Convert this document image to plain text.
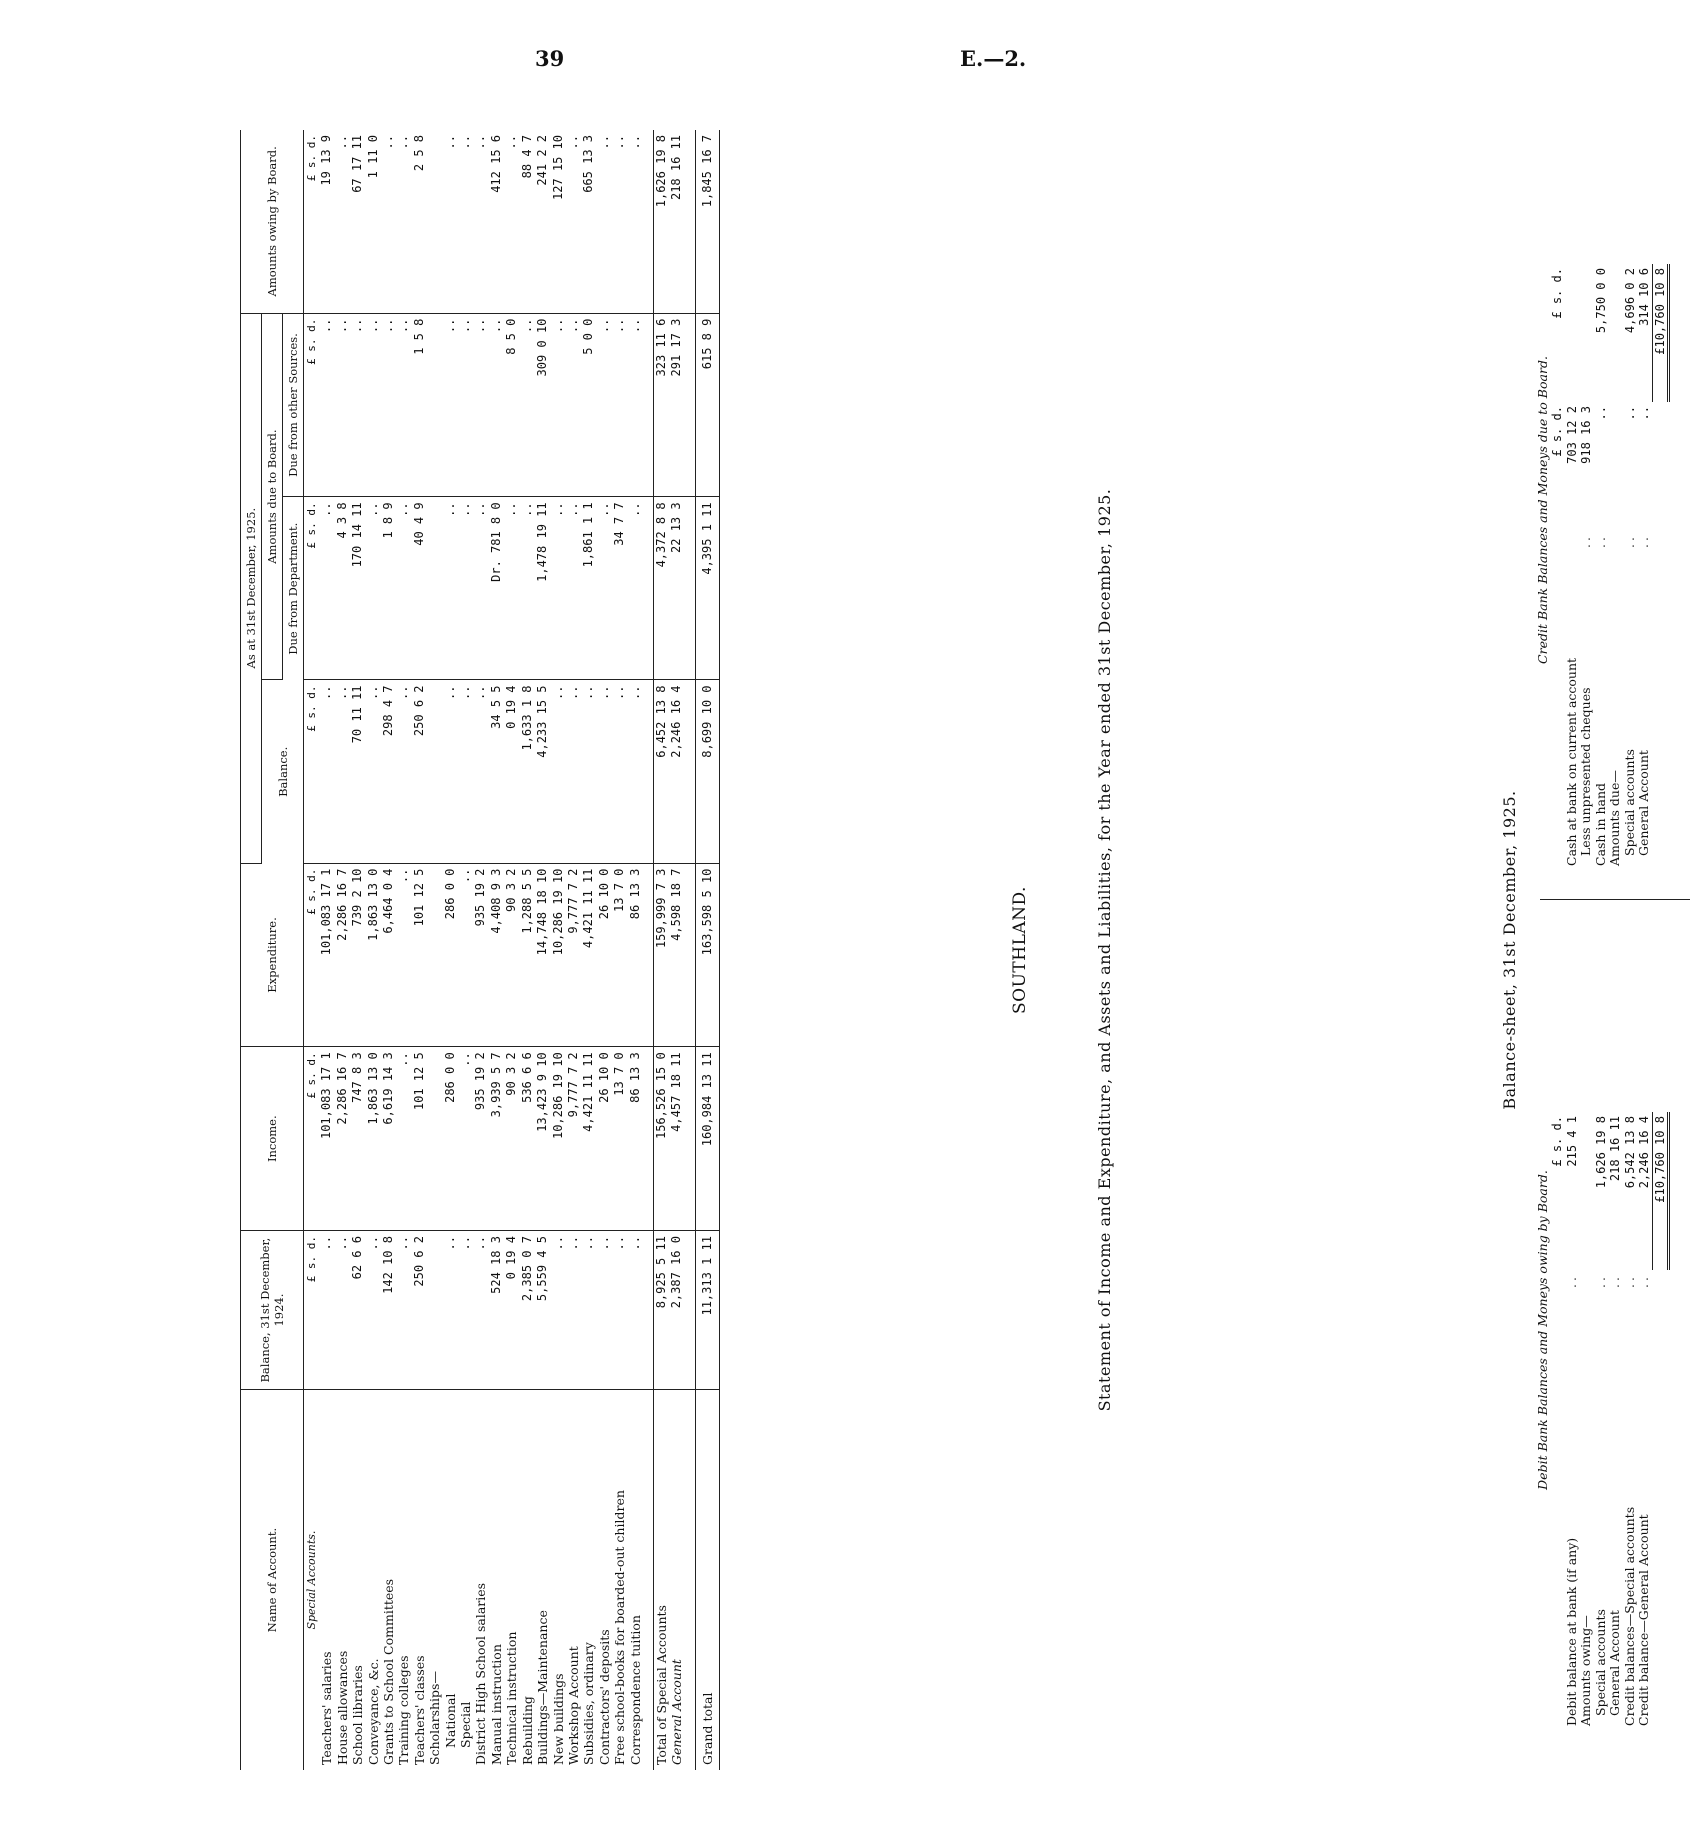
39	E.—2.
SOUTHLAND.	Statement of Income and Expenditure, and Assets and Liabilities, for the Year ended 31st December, 1925.
Name of Account.	Balance, 31st December, 1924.	Income.	Expenditure.	As at 31st December, 1925.			Amounts owing by Board.
				Balance.	Amounts due to Board.		
					Due from Department.	Due from other Sources.	
Special Accounts.	£ s. d.	£ s. d.	£ s. d.	£ s. d.	£ s. d.	£ s. d.	£ s. d.
Teachers' salaries	..	101,083 17 1	101,083 17 1	..	..	..	19 13 9
House allowances	..	2,286 16 7	2,286 16 7	..	4 3 8	..	..
School libraries	62 6 6	747 8 3	739 2 10	70 11 11	170 14 11	..	67 17 11
Conveyance, &c.	..	1,863 13 0	1,863 13 0	..	..	..	1 11 0
Grants to School Committees	142 10 8	6,619 14 3	6,464 0 4	298 4 7	1 8 9	..	..
Training colleges	..	..	..	..	..	..	..
Teachers' classes	250 6 2	101 12 5	101 12 5	250 6 2	40 4 9	1 5 8	2 5 8
Scholarships—							
National	..	286 0 0	286 0 0	..	..	..	..
Special	..	..	..	..	..	..	..
District High School salaries	..	935 19 2	935 19 2	..	..	..	..
Manual instruction	524 18 3	3,939 5 7	4,408 9 3	34 5 5	Dr. 781 8 0	..	412 15 6
Technical instruction	0 19 4	90 3 2	90 3 2	0 19 4	..	8 5 0	..
Rebuilding	2,385 0 7	536 6 6	1,288 5 5	1,633 1 8	..	..	88 4 7
Buildings—Maintenance	5,559 4 5	13,423 9 10	14,748 18 10	4,233 15 5	1,478 19 11	309 0 10	241 2 2
New buildings	..	10,286 19 10	10,286 19 10	..	..	..	127 15 10
Workshop Account	..	9,777 7 2	9,777 7 2	..	..	..	..
Subsidies, ordinary	..	4,421 11 11	4,421 11 11	..	1,861 1 1	5 0 0	665 13 3
Contractors' deposits	..	26 10 0	26 10 0	..	..	..	..
Free school-books for boarded-out children	..	13 7 0	13 7 0	..	34 7 7	..	..
Correspondence tuition	..	86 13 3	86 13 3	..	..	..	..

Total of Special Accounts	8,925 5 11	156,526 15 0	159,999 7 3	6,452 13 8	4,372 8 8	323 11 6	1,626 19 8
General Account	2,387 16 0	4,457 18 11	4,598 18 7	2,246 16 4	22 13 3	291 17 3	218 16 11

Grand total	11,313 1 11	160,984 13 11	163,598 5 10	8,699 10 0	4,395 1 11	615 8 9	1,845 16 7
Balance-sheet, 31st December, 1925.
Debit Bank Balances and Moneys owing by Board.
		£ s. d.
Debit balance at bank (if any)	..	215 4 1
Amounts owing—		
Special accounts	..	1,626 19 8
General Account	..	218 16 11
Credit balances—Special accounts	..	6,542 13 8
Credit balance—General Account	..	2,246 16 4
		£10,760 10 8
Credit Bank Balances and Moneys due to Board.
		£ s. d.	£ s. d.
Cash at bank on current account		703 12 2	
Less unpresented cheques	..	918 16 3	
Cash in hand	..	..	5,750 0 0
Amounts due—			
Special accounts	..	..	4,696 0 2
General Account	..	..	314 10 6
			£10,760 10 8
